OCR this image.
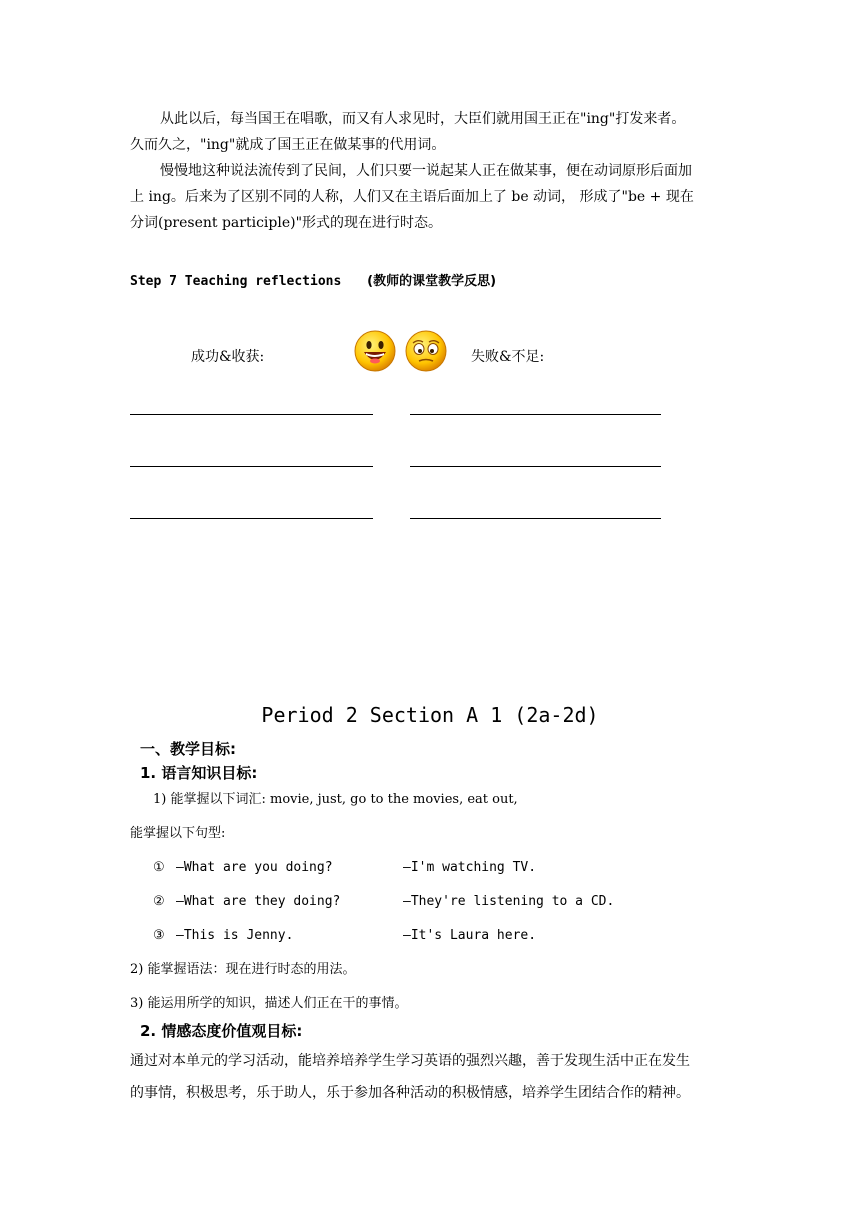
从此以后，每当国王在唱歌，而又有人求见时，大臣们就用国王正在"ing"打发来者。
久而久之，"ing"就成了国王正在做某事的代用词。
慢慢地这种说法流传到了民间，人们只要一说起某人正在做某事，便在动词原形后面加
上 ing。后来为了区别不同的人称，人们又在主语后面加上了 be 动词， 形成了"be + 现在
分词(present participle)"形式的现在进行时态。
Step 7 Teaching reflections (教师的课堂教学反思)
成功&收获:	失败&不足:
Period 2 Section A 1 (2a-2d)
一、教学目标:
1. 语言知识目标:
1) 能掌握以下词汇: movie, just, go to the movies, eat out,
能掌握以下句型:
① —What are you doing?	—I'm watching TV.
② —What are they doing?	—They're listening to a CD.
③ —This is Jenny.	—It's Laura here.
2) 能掌握语法：现在进行时态的用法。
3) 能运用所学的知识，描述人们正在干的事情。
2. 情感态度价值观目标:
通过对本单元的学习活动，能培养培养学生学习英语的强烈兴趣，善于发现生活中正在发生
的事情，积极思考，乐于助人，乐于参加各种活动的积极情感，培养学生团结合作的精神。
